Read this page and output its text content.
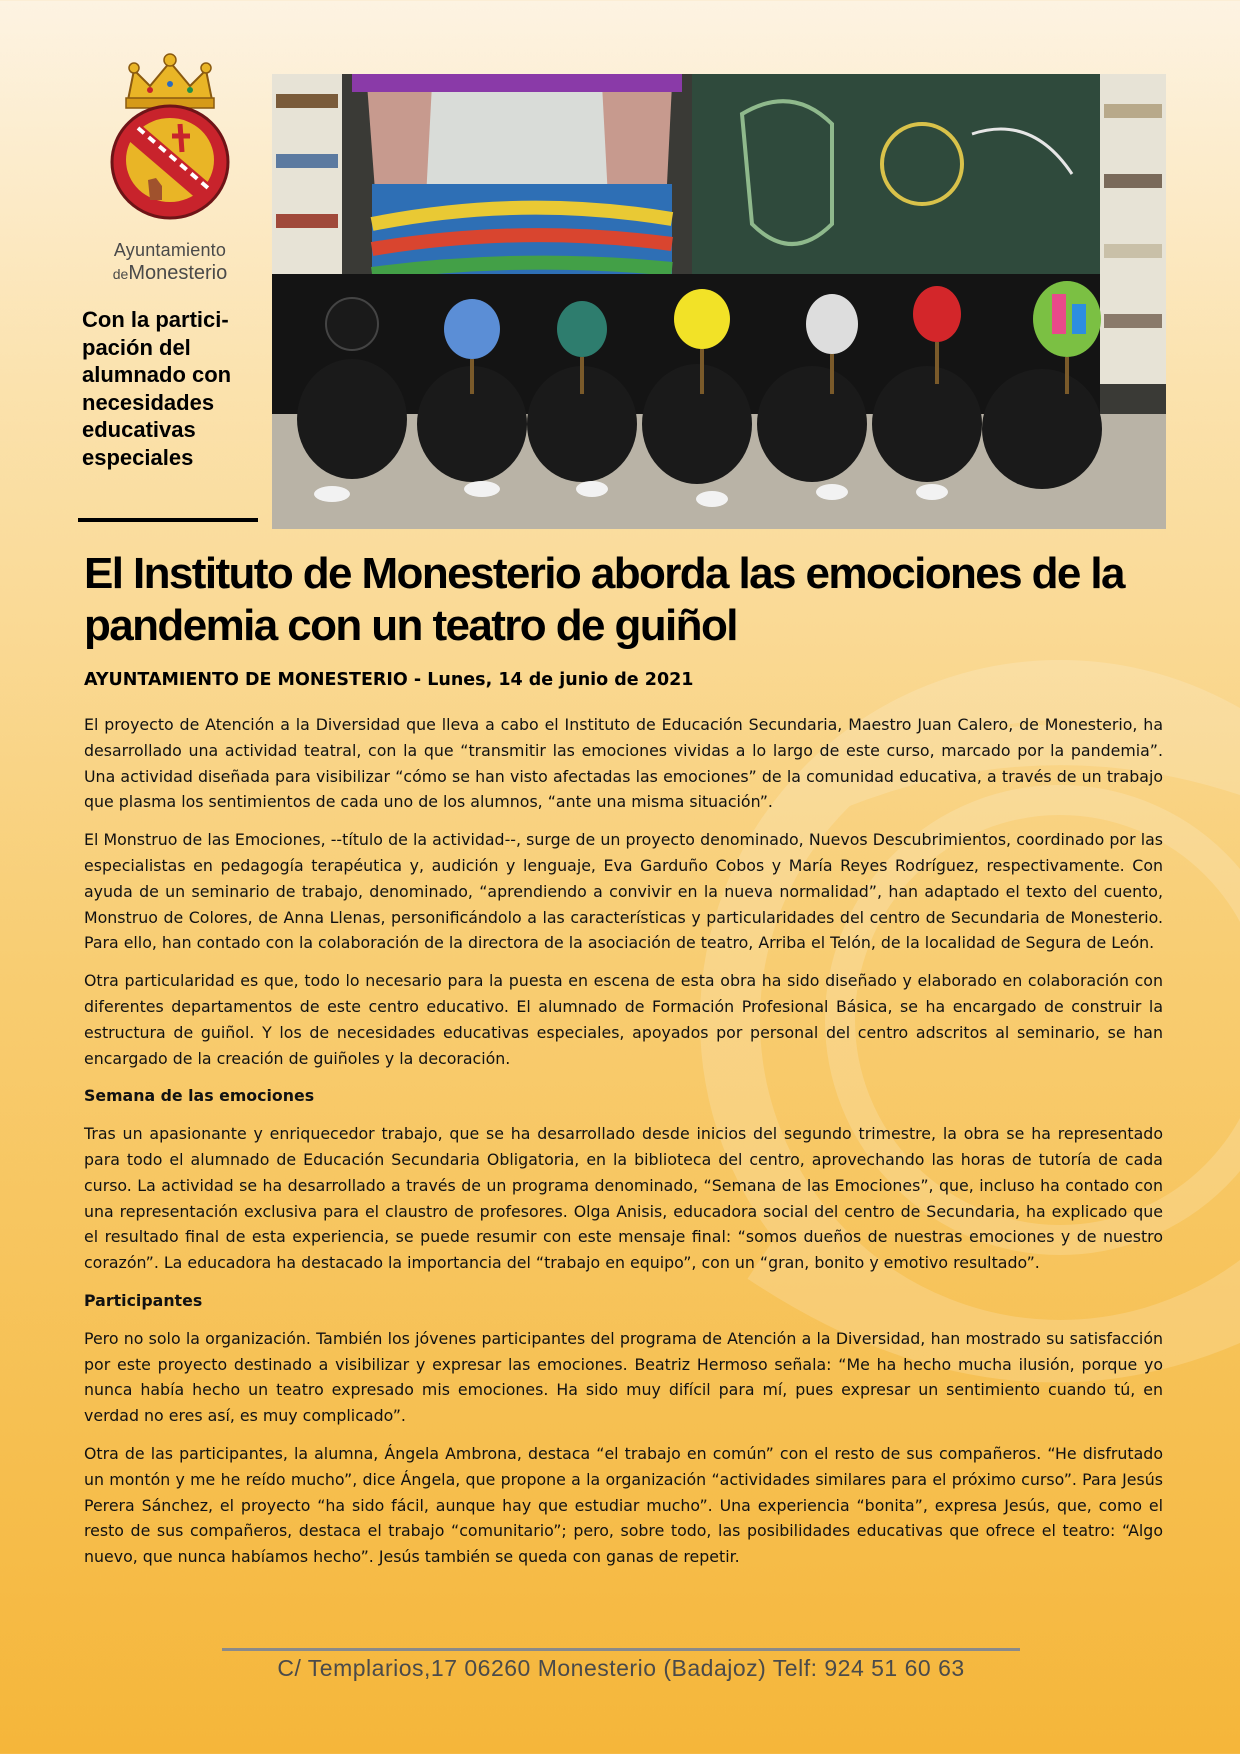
Ayuntamiento
deMonesterio
Con la partici-
pación del
alumnado con
necesidades
educativas
especiales
El Instituto de Monesterio aborda las emociones de la pandemia con un teatro de guiñol

AYUNTAMIENTO DE MONESTERIO - Lunes, 14 de junio de 2021

El proyecto de Atención a la Diversidad que lleva a cabo el Instituto de Educación Secundaria, Maestro Juan Calero, de Monesterio, ha desarrollado una actividad teatral, con la que “transmitir las emociones vividas a lo largo de este curso, marcado por la pandemia”. Una actividad diseñada para visibilizar “cómo se han visto afectadas las emociones” de la comunidad educativa, a través de un trabajo que plasma los sentimientos de cada uno de los alumnos, “ante una misma situación”.

El Monstruo de las Emociones, --título de la actividad--, surge de un proyecto denominado, Nuevos Descubrimientos, coordinado por las especialistas en pedagogía terapéutica y, audición y lenguaje, Eva Garduño Cobos y María Reyes Rodríguez, respectivamente. Con ayuda de un seminario de trabajo, denominado, “aprendiendo a convivir en la nueva normalidad”, han adaptado el texto del cuento, Monstruo de Colores, de Anna Llenas, personificándolo a las características y particularidades del centro de Secundaria de Monesterio. Para ello, han contado con la colaboración de la directora de la asociación de teatro, Arriba el Telón, de la localidad de Segura de León.

Otra particularidad es que, todo lo necesario para la puesta en escena de esta obra ha sido diseñado y elaborado en colaboración con diferentes departamentos de este centro educativo. El alumnado de Formación Profesional Básica, se ha encargado de construir la estructura de guiñol. Y los de necesidades educativas especiales, apoyados por personal del centro adscritos al seminario, se han encargado de la creación de guiñoles y la decoración.

Semana de las emociones

Tras un apasionante y enriquecedor trabajo, que se ha desarrollado desde inicios del segundo trimestre, la obra se ha representado para todo el alumnado de Educación Secundaria Obligatoria, en la biblioteca del centro, aprovechando las horas de tutoría de cada curso. La actividad se ha desarrollado a través de un programa denominado, “Semana de las Emociones”, que, incluso ha contado con una representación exclusiva para el claustro de profesores. Olga Anisis, educadora social del centro de Secundaria, ha explicado que el resultado final de esta experiencia, se puede resumir con este mensaje final: “somos dueños de nuestras emociones y de nuestro corazón”. La educadora ha destacado la importancia del “trabajo en equipo”, con un “gran, bonito y emotivo resultado”.

Participantes

Pero no solo la organización. También los jóvenes participantes del programa de Atención a la Diversidad, han mostrado su satisfacción por este proyecto destinado a visibilizar y expresar las emociones. Beatriz Hermoso señala: “Me ha hecho mucha ilusión, porque yo nunca había hecho un teatro expresado mis emociones. Ha sido muy difícil para mí, pues expresar un sentimiento cuando tú, en verdad no eres así, es muy complicado”.

Otra de las participantes, la alumna, Ángela Ambrona, destaca “el trabajo en común” con el resto de sus compañeros. “He disfrutado un montón y me he reído mucho”, dice Ángela, que propone a la organización “actividades similares para el próximo curso”. Para Jesús Perera Sánchez, el proyecto “ha sido fácil, aunque hay que estudiar mucho”. Una experiencia “bonita”, expresa Jesús, que, como el resto de sus compañeros, destaca el trabajo “comunitario”; pero, sobre todo, las posibilidades educativas que ofrece el teatro: “Algo nuevo, que nunca habíamos hecho”. Jesús también se queda con ganas de repetir.

C/ Templarios,17 06260 Monesterio (Badajoz) Telf: 924 51 60 63
